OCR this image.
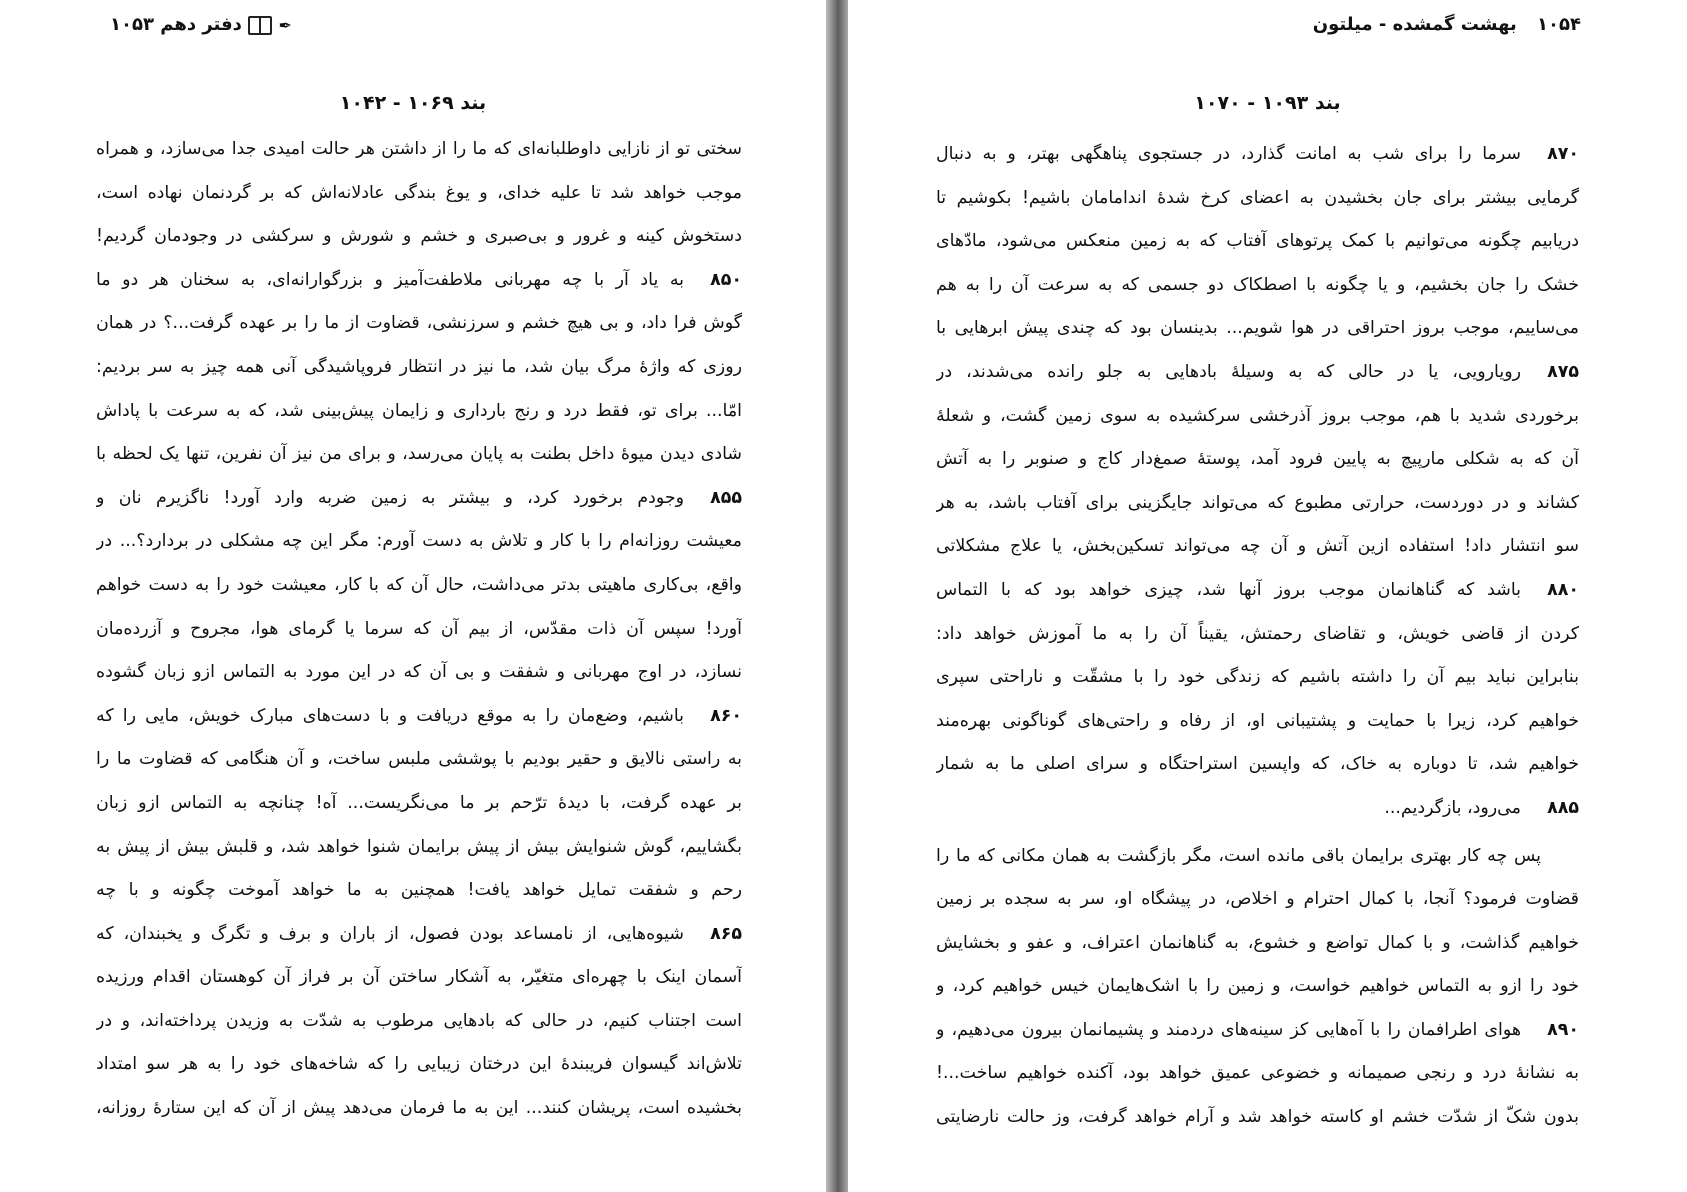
✒  دفتر دهم ۱۰۵۳
بند ۱۰۶۹ - ۱۰۴۲
سختی تو از نازایی داوطلبانه‌ای که ما را از داشتن هر حالت امیدی جدا می‌سازد، و همراه
موجب خواهد شد تا علیه خدای، و یوغ بندگی عادلانه‌اش که بر گردنمان نهاده است،
دستخوش کینه و غرور و بی‌صبری و خشم و شورش و سرکشی در وجودمان گردیم!
۸۵۰به یاد آر با چه مهربانی ملاطفت‌آمیز و بزرگوارانه‌ای، به سخنان هر دو ما
گوش فرا داد، و بی هیچ خشم و سرزنشی، قضاوت از ما را بر عهده گرفت...؟ در همان
روزی که واژهٔ مرگ بیان شد، ما نیز در انتظار فروپاشیدگی آنی همه چیز به سر بردیم:
امّا... برای تو، فقط درد و رنج بارداری و زایمان پیش‌بینی شد، که به سرعت با پاداش
شادی دیدن میوهٔ داخل بطنت به پایان می‌رسد، و برای من نیز آن نفرین، تنها یک لحظه با
۸۵۵وجودم برخورد کرد، و بیشتر به زمین ضربه وارد آورد! ناگزیرم نان و
معیشت روزانه‌ام را با کار و تلاش به دست آورم: مگر این چه مشکلی در بردارد؟... در
واقع، بی‌کاری ماهیتی بدتر می‌داشت، حال آن که با کار، معیشت خود را به دست خواهم
آورد! سپس آن ذات مقدّس، از بیم آن که سرما یا گرمای هوا، مجروح و آزرده‌مان
نسازد، در اوج مهربانی و شفقت و بی آن که در این مورد به التماس ازو زبان گشوده
۸۶۰باشیم، وضع‌مان را به موقع دریافت و با دست‌های مبارک خویش، مایی را که
به راستی نالایق و حقیر بودیم با پوششی ملبس ساخت، و آن هنگامی که قضاوت ما را
بر عهده گرفت، با دیدهٔ ترّحم بر ما می‌نگریست... آه! چنانچه به التماس ازو زبان
بگشاییم، گوش شنوایش بیش از پیش برایمان شنوا خواهد شد، و قلبش بیش از پیش به
رحم و شفقت تمایل خواهد یافت! همچنین به ما خواهد آموخت چگونه و با چه
۸۶۵شیوه‌هایی، از نامساعد بودن فصول، از باران و برف و تگرگ و یخبندان، که
آسمان اینک با چهره‌ای متغیّر، به آشکار ساختن آن بر فراز آن کوهستان اقدام ورزیده
است اجتناب کنیم، در حالی که بادهایی مرطوب به شدّت به وزیدن پرداخته‌اند، و در
تلاش‌اند گیسوان فریبندهٔ این درختان زیبایی را که شاخه‌های خود را به هر سو امتداد
بخشیده است، پریشان کنند... این به ما فرمان می‌دهد پیش از آن که این ستارهٔ روزانه،
۱۰۵۴ بهشت گمشده - میلتون
بند ۱۰۹۳ - ۱۰۷۰
۸۷۰سرما را برای شب به امانت گذارد، در جستجوی پناهگهی بهتر، و به دنبال
گرمایی بیشتر برای جان بخشیدن به اعضای کرخ شدهٔ اندامامان باشیم! بکوشیم تا
دریابیم چگونه می‌توانیم با کمک پرتوهای آفتاب که به زمین منعکس می‌شود، مادّهای
خشک را جان بخشیم، و یا چگونه با اصطکاک دو جسمی که به سرعت آن را به هم
می‌ساییم، موجب بروز احتراقی در هوا شویم... بدینسان بود که چندی پیش ابرهایی با
۸۷۵رویارویی، یا در حالی که به وسیلهٔ بادهایی به جلو رانده می‌شدند، در
برخوردی شدید با هم، موجب بروز آذرخشی سرکشیده به سوی زمین گشت، و شعلهٔ
آن که به شکلی مارپیچ به پایین فرود آمد، پوستهٔ صمغ‌دار کاج و صنوبر را به آتش
کشاند و در دوردست، حرارتی مطبوع که می‌تواند جایگزینی برای آفتاب باشد، به هر
سو انتشار داد! استفاده ازین آتش و آن چه می‌تواند تسکین‌بخش، یا علاج مشکلاتی
۸۸۰باشد که گناهانمان موجب بروز آنها شد، چیزی خواهد بود که با التماس
کردن از قاضی خویش، و تقاضای رحمتش، یقیناً آن را به ما آموزش خواهد داد:
بنابراین نباید بیم آن را داشته باشیم که زندگی خود را با مشقّت و ناراحتی سپری
خواهیم کرد، زیرا با حمایت و پشتیبانی او، از رفاه و راحتی‌های گوناگونی بهره‌مند
خواهیم شد، تا دوباره به خاک، که واپسین استراحتگاه و سرای اصلی ما به شمار
۸۸۵می‌رود، بازگردیم...
پس چه کار بهتری برایمان باقی مانده است، مگر بازگشت به همان مکانی که ما را
قضاوت فرمود؟ آنجا، با کمال احترام و اخلاص، در پیشگاه او، سر به سجده بر زمین
خواهیم گذاشت، و با کمال تواضع و خشوع، به گناهانمان اعتراف، و عفو و بخشایش
خود را ازو به التماس خواهیم خواست، و زمین را با اشک‌هایمان خیس خواهیم کرد، و
۸۹۰هوای اطرافمان را با آه‌هایی کز سینه‌های دردمند و پشیمانمان بیرون می‌دهیم، و
به نشانهٔ درد و رنجی صمیمانه و خضوعی عمیق خواهد بود، آکنده خواهیم ساخت...!
بدون شکّ از شدّت خشم او کاسته خواهد شد و آرام خواهد گرفت، وز حالت نارضایتی
